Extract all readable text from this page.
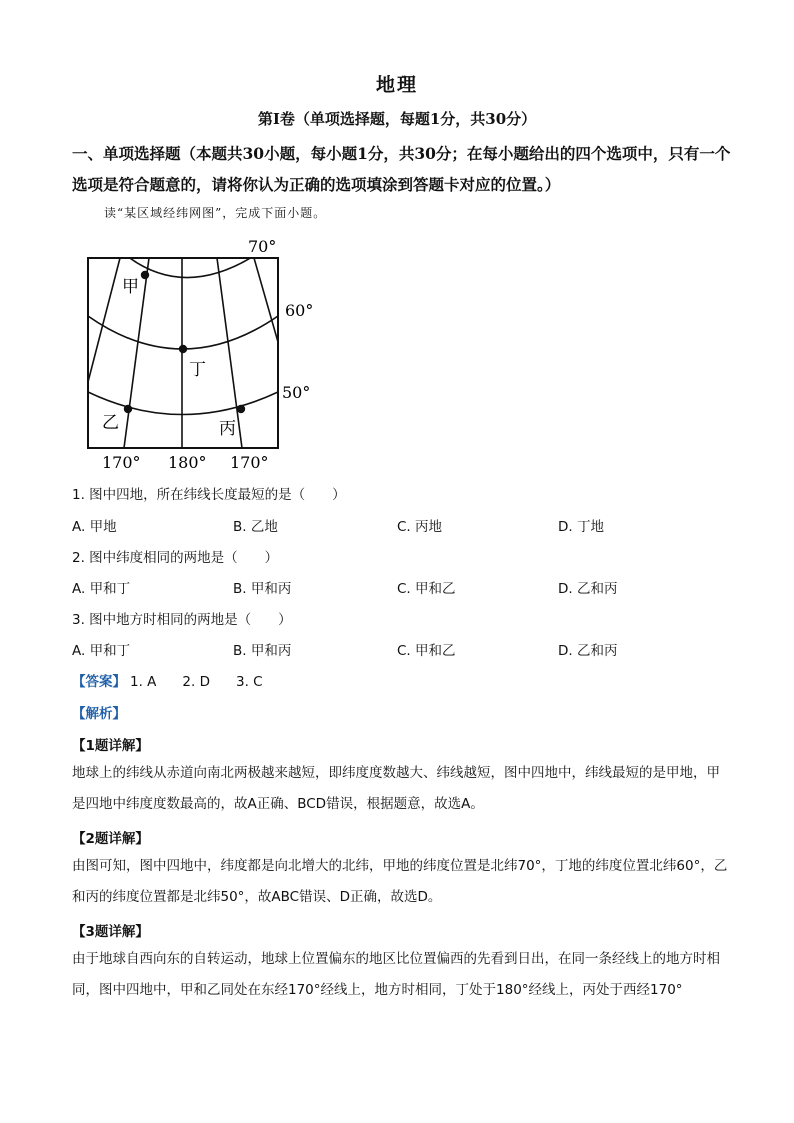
地理
第Ⅰ卷（单项选择题，每题1分，共30分）
一、单项选择题（本题共30小题，每小题1分，共30分；在每小题给出的四个选项中，只有一个选项是符合题意的，请将你认为正确的选项填涂到答题卡对应的位置。）
读“某区域经纬网图”，完成下面小题。
甲
乙	丙
丁
70°
60°
50°
170° 180° 170°
1. 图中四地，所在纬线长度最短的是（　　）
A. 甲地	B. 乙地	C. 丙地	D. 丁地
2. 图中纬度相同的两地是（　　）
A. 甲和丁	B. 甲和丙	C. 甲和乙	D. 乙和丙
3. 图中地方时相同的两地是（　　）
A. 甲和丁	B. 甲和丙	C. 甲和乙	D. 乙和丙
【答案】 1. A 2. D 3. C
【解析】
【1题详解】
地球上的纬线从赤道向南北两极越来越短，即纬度度数越大、纬线越短，图中四地中，纬线最短的是甲地，甲是四地中纬度度数最高的，故A正确、BCD错误，根据题意，故选A。
【2题详解】
由图可知，图中四地中，纬度都是向北增大的北纬，甲地的纬度位置是北纬70°，丁地的纬度位置北纬60°，乙和丙的纬度位置都是北纬50°，故ABC错误、D正确，故选D。
【3题详解】
由于地球自西向东的自转运动，地球上位置偏东的地区比位置偏西的先看到日出，在同一条经线上的地方时相同，图中四地中，甲和乙同处在东经170°经线上，地方时相同，丁处于180°经线上，丙处于西经170°
